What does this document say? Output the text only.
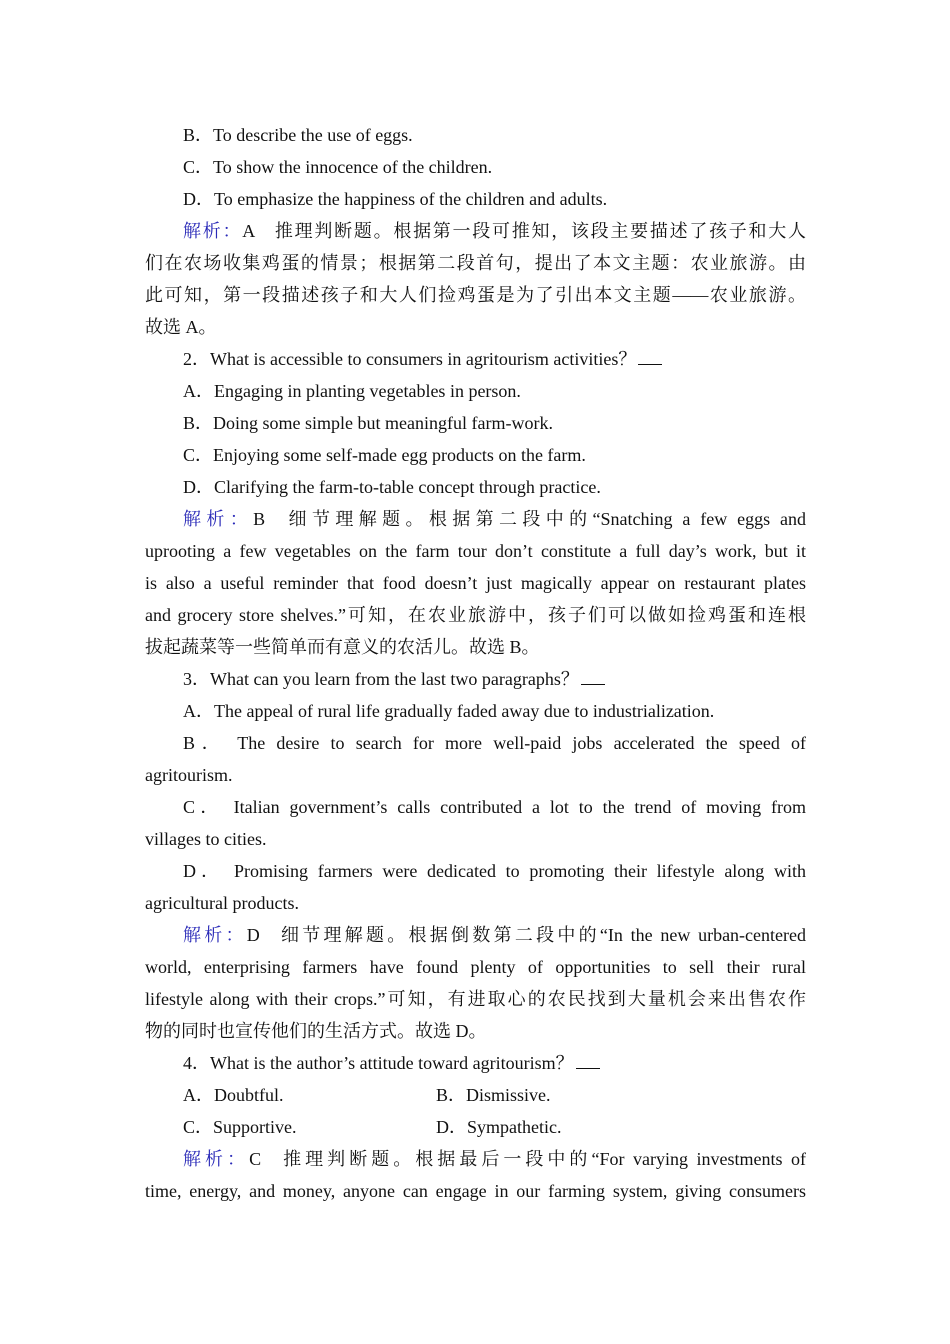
B．To describe the use of eggs.
C．To show the innocence of the children.
D．To emphasize the happiness of the children and adults.
解析：A 推理判断题。根据第一段可推知，该段主要描述了孩子和大人
们在农场收集鸡蛋的情景；根据第二段首句，提出了本文主题：农业旅游。由
此可知，第一段描述孩子和大人们捡鸡蛋是为了引出本文主题——农业旅游。
故选 A。
2．What is accessible to consumers in agritourism activities？
A．Engaging in planting vegetables in person.
B．Doing some simple but meaningful farm-work.
C．Enjoying some self-made egg products on the farm.
D．Clarifying the farm-to-table concept through practice.
解析：B 细节理解题。根据第二段中的“Snatching a few eggs and
uprooting a few vegetables on the farm tour don’t constitute a full day’s work, but it
is also a useful reminder that food doesn’t just magically appear on restaurant plates
and grocery store shelves.”可知，在农业旅游中，孩子们可以做如捡鸡蛋和连根
拔起蔬菜等一些简单而有意义的农活儿。故选 B。
3．What can you learn from the last two paragraphs？
A．The appeal of rural life gradually faded away due to industrialization.
B． The desire to search for more well-paid jobs accelerated the speed of
agritourism.
C． Italian government’s calls contributed a lot to the trend of moving from
villages to cities.
D． Promising farmers were dedicated to promoting their lifestyle along with
agricultural products.
解析：D 细节理解题。根据倒数第二段中的“In the new urban-centered
world, enterprising farmers have found plenty of opportunities to sell their rural
lifestyle along with their crops.”可知，有进取心的农民找到大量机会来出售农作
物的同时也宣传他们的生活方式。故选 D。
4．What is the author’s attitude toward agritourism？
A．Doubtful.	B．Dismissive.
C．Supportive.	D．Sympathetic.
解析：C 推理判断题。根据最后一段中的“For varying investments of
time, energy, and money, anyone can engage in our farming system, giving consumers
